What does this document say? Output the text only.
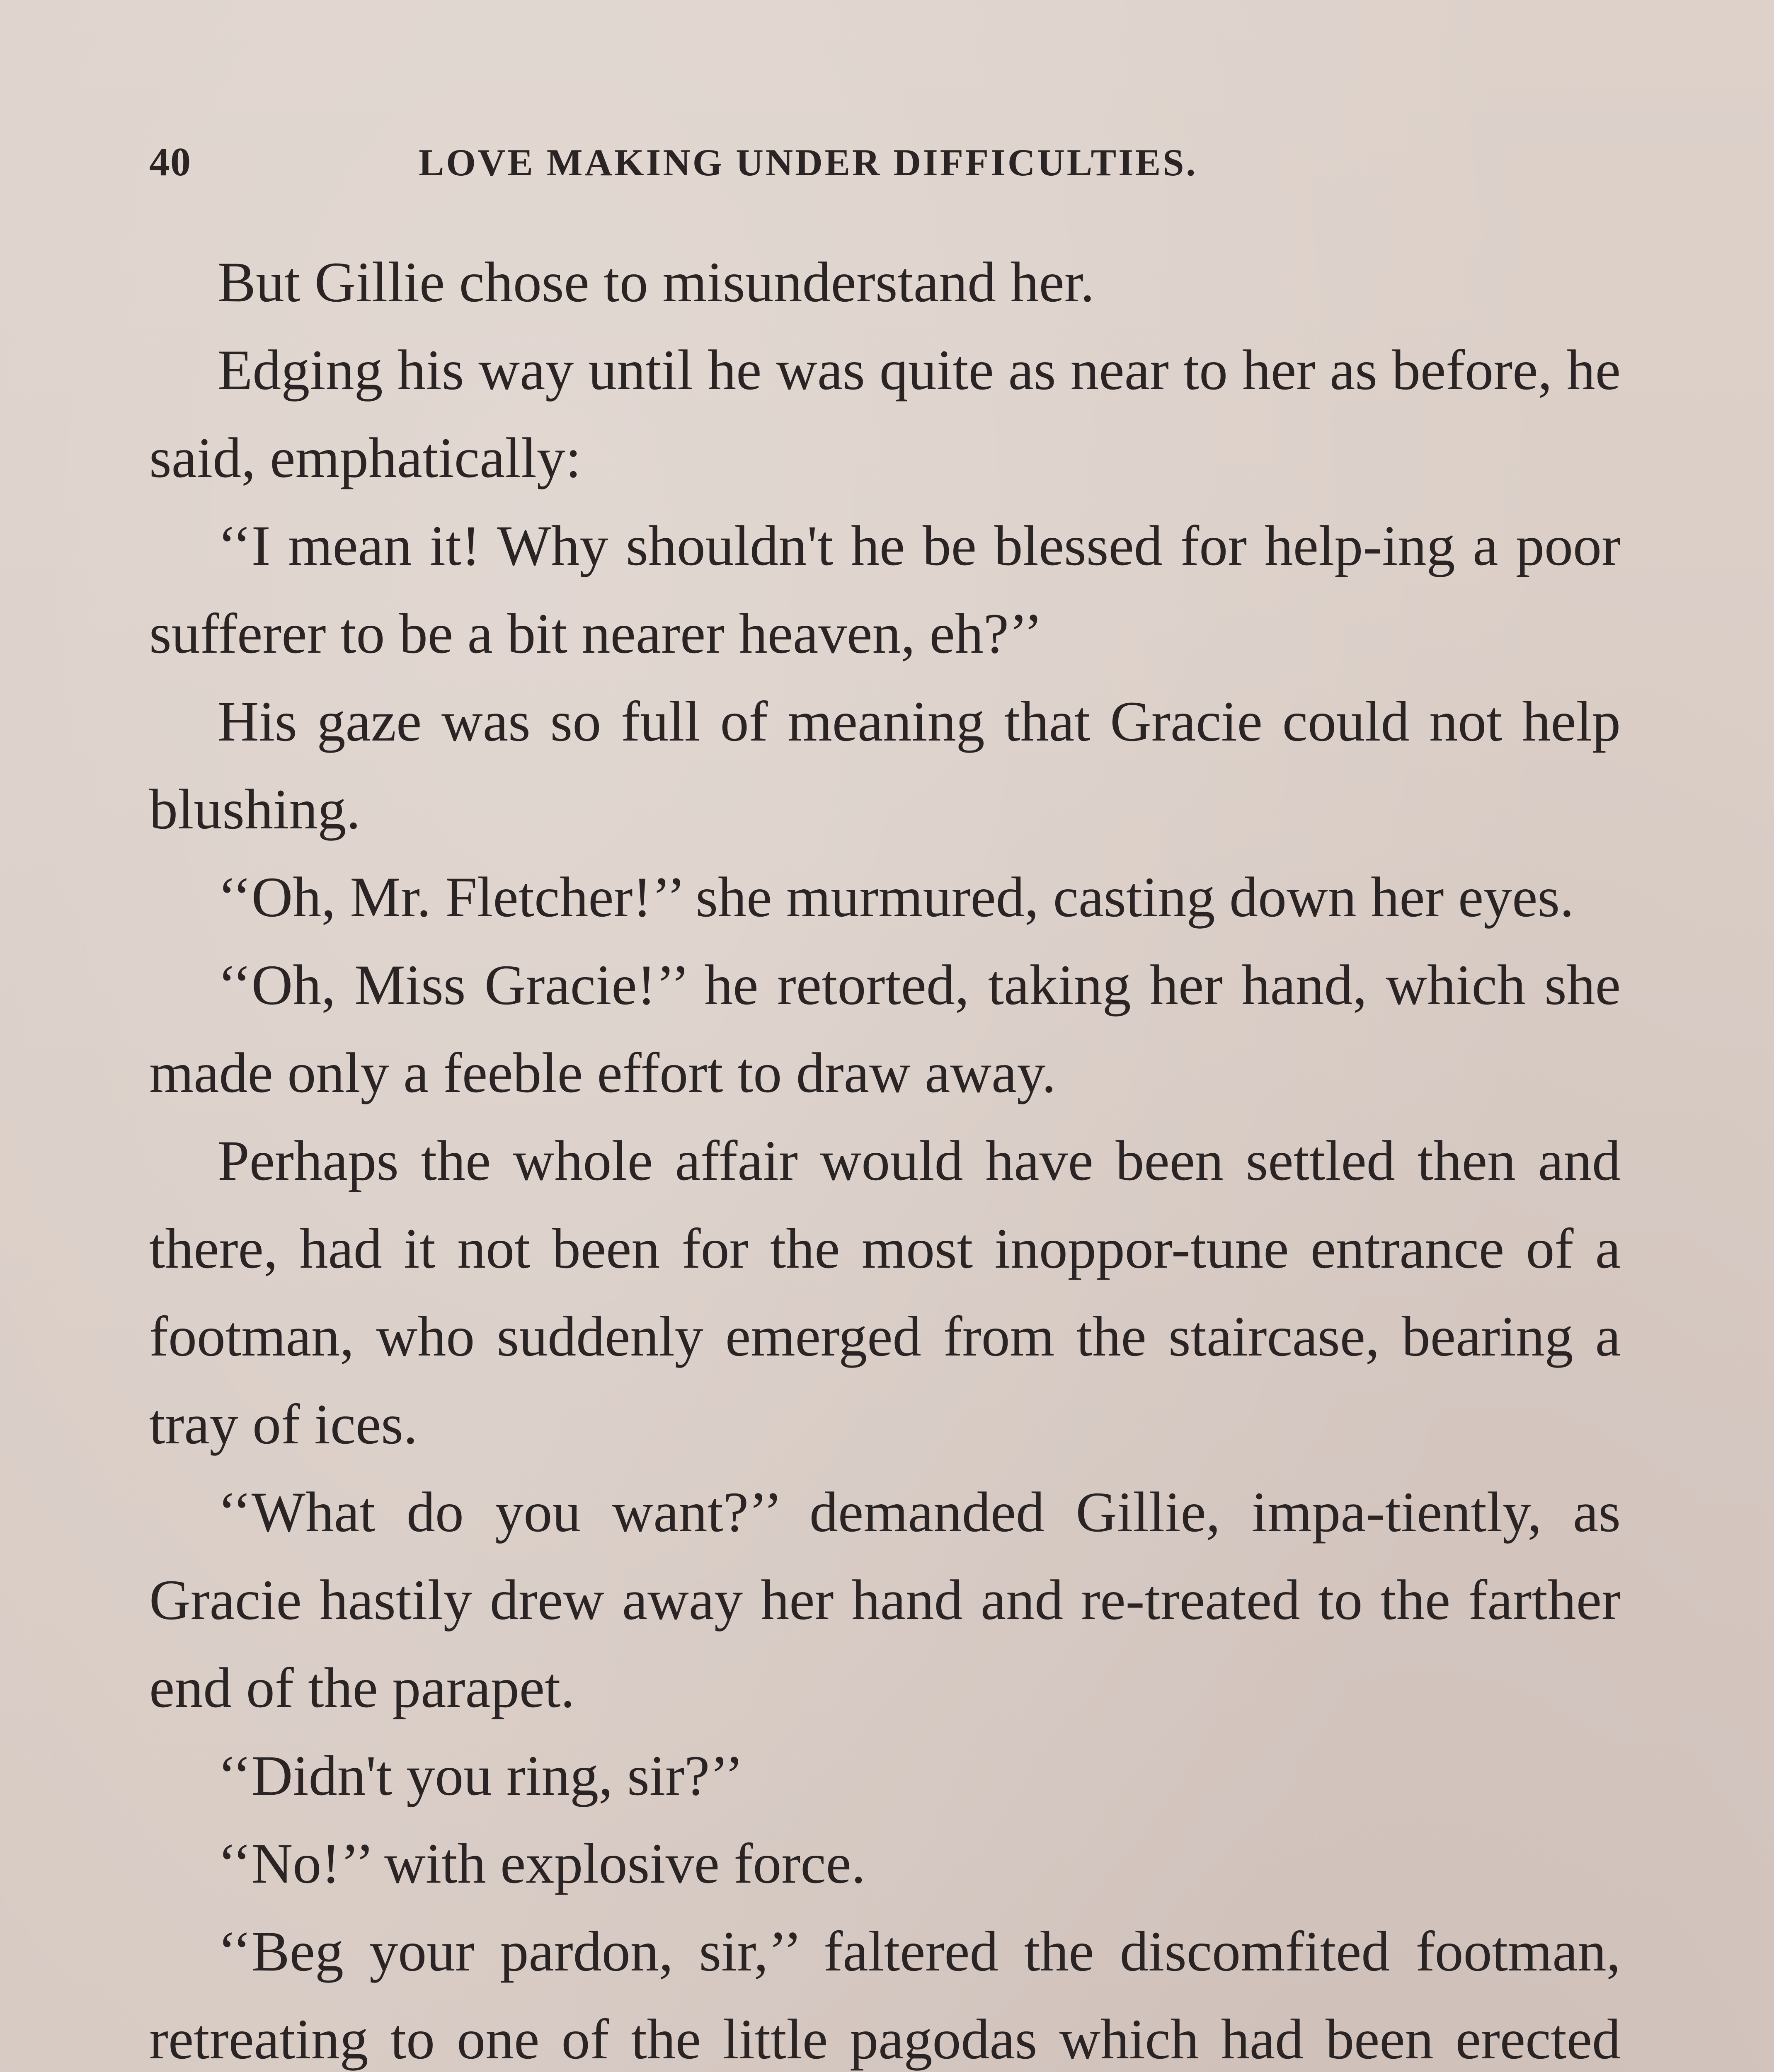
40	LOVE MAKING UNDER DIFFICULTIES.

But Gillie chose to misunderstand her.

Edging his way until he was quite as near to her as before, he said, emphatically:

‘‘I mean it! Why shouldn't he be blessed for help-ing a poor sufferer to be a bit nearer heaven, eh?’’

His gaze was so full of meaning that Gracie could not help blushing.

‘‘Oh, Mr. Fletcher!’’ she murmured, casting down her eyes.

‘‘Oh, Miss Gracie!’’ he retorted, taking her hand, which she made only a feeble effort to draw away.

Perhaps the whole affair would have been settled then and there, had it not been for the most inoppor-tune entrance of a footman, who suddenly emerged from the staircase, bearing a tray of ices.

‘‘What do you want?’’ demanded Gillie, impa-tiently, as Gracie hastily drew away her hand and re-treated to the farther end of the parapet.

‘‘Didn't you ring, sir?’’

‘‘No!’’ with explosive force.

‘‘Beg your pardon, sir,’’ faltered the discomfited footman, retreating to one of the little pagodas which had been erected
